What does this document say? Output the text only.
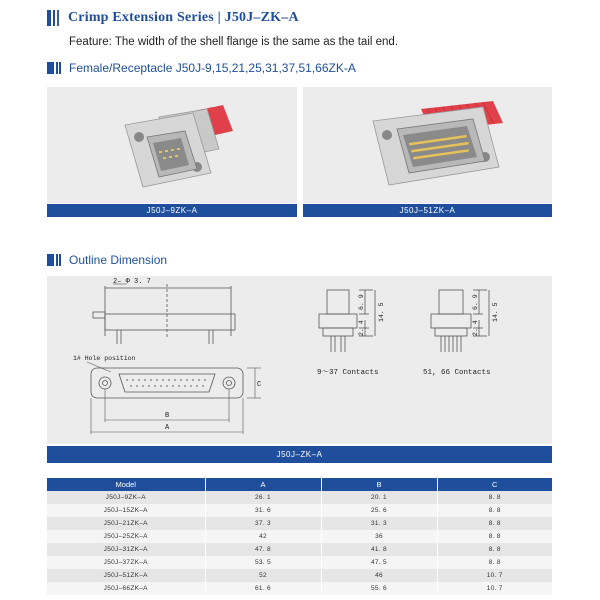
Crimp Extension Series | J50J–ZK–A
Feature: The width of the shell flange is the same as the tail end.
Female/Receptacle J50J-9,15,21,25,31,37,51,66ZK-A
J50J–9ZK–A	J50J–51ZK–A
Outline Dimension
2– Φ 3. 7
1# Hole position
C
B
A
6. 9
14. 5
2. 4
9～37 Contacts
6. 9
14. 5
2. 4
51, 66 Contacts
J50J–ZK–A
Model	A	B	C
J50J–9ZK–A	26. 1	20. 1	8. 8
J50J–15ZK–A	31. 6	25. 6	8. 8
J50J–21ZK–A	37. 3	31. 3	8. 8
J50J–25ZK–A	42	36	8. 8
J50J–31ZK–A	47. 8	41. 8	8. 8
J50J–37ZK–A	53. 5	47. 5	8. 8
J50J–51ZK–A	52	46	10. 7
J50J–66ZK–A	61. 6	55. 6	10. 7
